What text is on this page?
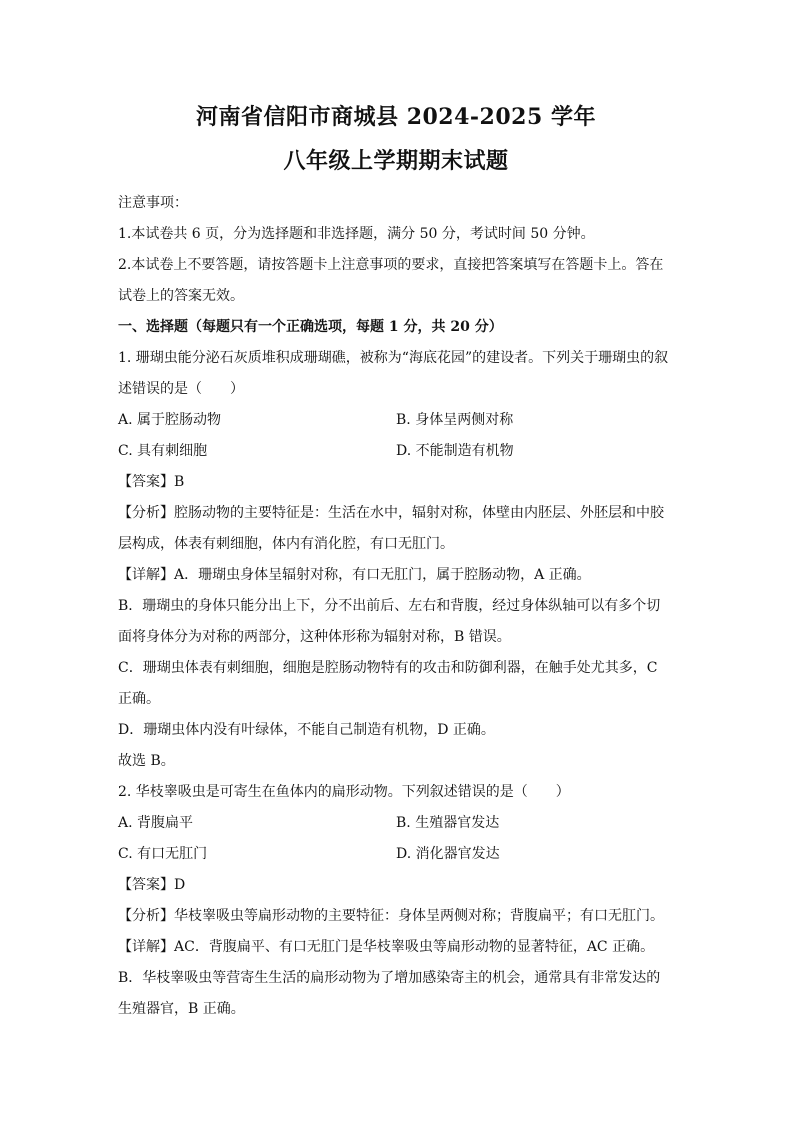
河南省信阳市商城县 2024-2025 学年
八年级上学期期末试题

注意事项：

1.本试卷共 6 页，分为选择题和非选择题，满分 50 分，考试时间 50 分钟。

2.本试卷上不要答题，请按答题卡上注意事项的要求，直接把答案填写在答题卡上。答在

试卷上的答案无效。

一、选择题（每题只有一个正确选项，每题 1 分，共 20 分）

1. 珊瑚虫能分泌石灰质堆积成珊瑚礁，被称为“海底花园”的建设者。下列关于珊瑚虫的叙

述错误的是（　　）

A. 属于腔肠动物	B. 身体呈两侧对称
C. 具有刺细胞	D. 不能制造有机物

【答案】B

【分析】腔肠动物的主要特征是：生活在水中，辐射对称，体壁由内胚层、外胚层和中胶

层构成，体表有刺细胞，体内有消化腔，有口无肛门。

【详解】A．珊瑚虫身体呈辐射对称，有口无肛门，属于腔肠动物，A 正确。

B．珊瑚虫的身体只能分出上下，分不出前后、左右和背腹，经过身体纵轴可以有多个切

面将身体分为对称的两部分，这种体形称为辐射对称，B 错误。

C．珊瑚虫体表有刺细胞，细胞是腔肠动物特有的攻击和防御利器，在触手处尤其多，C

正确。

D．珊瑚虫体内没有叶绿体，不能自己制造有机物，D 正确。

故选 B。

2. 华枝睾吸虫是可寄生在鱼体内的扁形动物。下列叙述错误的是（　　）

A. 背腹扁平	B. 生殖器官发达
C. 有口无肛门	D. 消化器官发达

【答案】D

【分析】华枝睾吸虫等扁形动物的主要特征：身体呈两侧对称；背腹扁平；有口无肛门。

【详解】AC．背腹扁平、有口无肛门是华枝睾吸虫等扁形动物的显著特征，AC 正确。

B．华枝睾吸虫等营寄生生活的扁形动物为了增加感染寄主的机会，通常具有非常发达的

生殖器官，B 正确。
